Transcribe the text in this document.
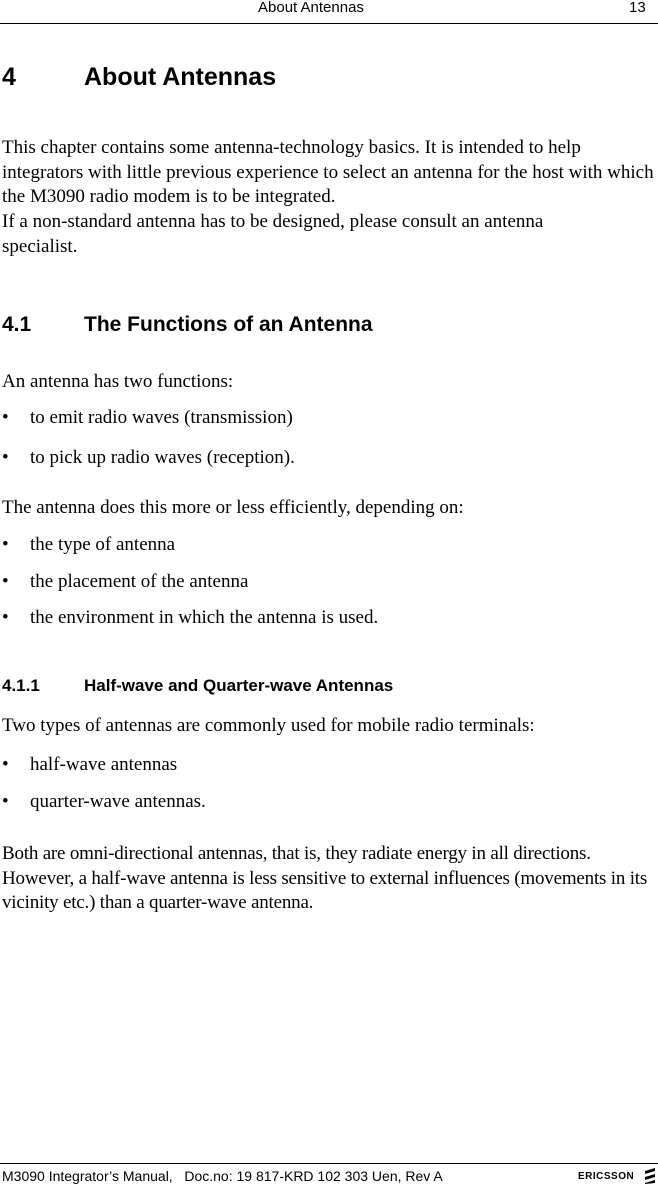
About Antennas	13
4	About Antennas
This chapter contains some antenna-technology basics. It is intended to help integrators with little previous experience to select an antenna for the host with which the M3090 radio modem is to be integrated.
If a non-standard antenna has to be designed, please consult an antenna specialist.
4.1	The Functions of an Antenna
An antenna has two functions:
• to emit radio waves (transmission)
• to pick up radio waves (reception).
The antenna does this more or less efficiently, depending on:
• the type of antenna
• the placement of the antenna
• the environment in which the antenna is used.
4.1.1	Half-wave and Quarter-wave Antennas
Two types of antennas are commonly used for mobile radio terminals:
• half-wave antennas
• quarter-wave antennas.
Both are omni-directional antennas, that is, they radiate energy in all directions. However, a half-wave antenna is less sensitive to external influences (movements in its vicinity etc.) than a quarter-wave antenna.
M3090 Integrator’s Manual,   Doc.no: 19 817-KRD 102 303 Uen, Rev A	ERICSSON
